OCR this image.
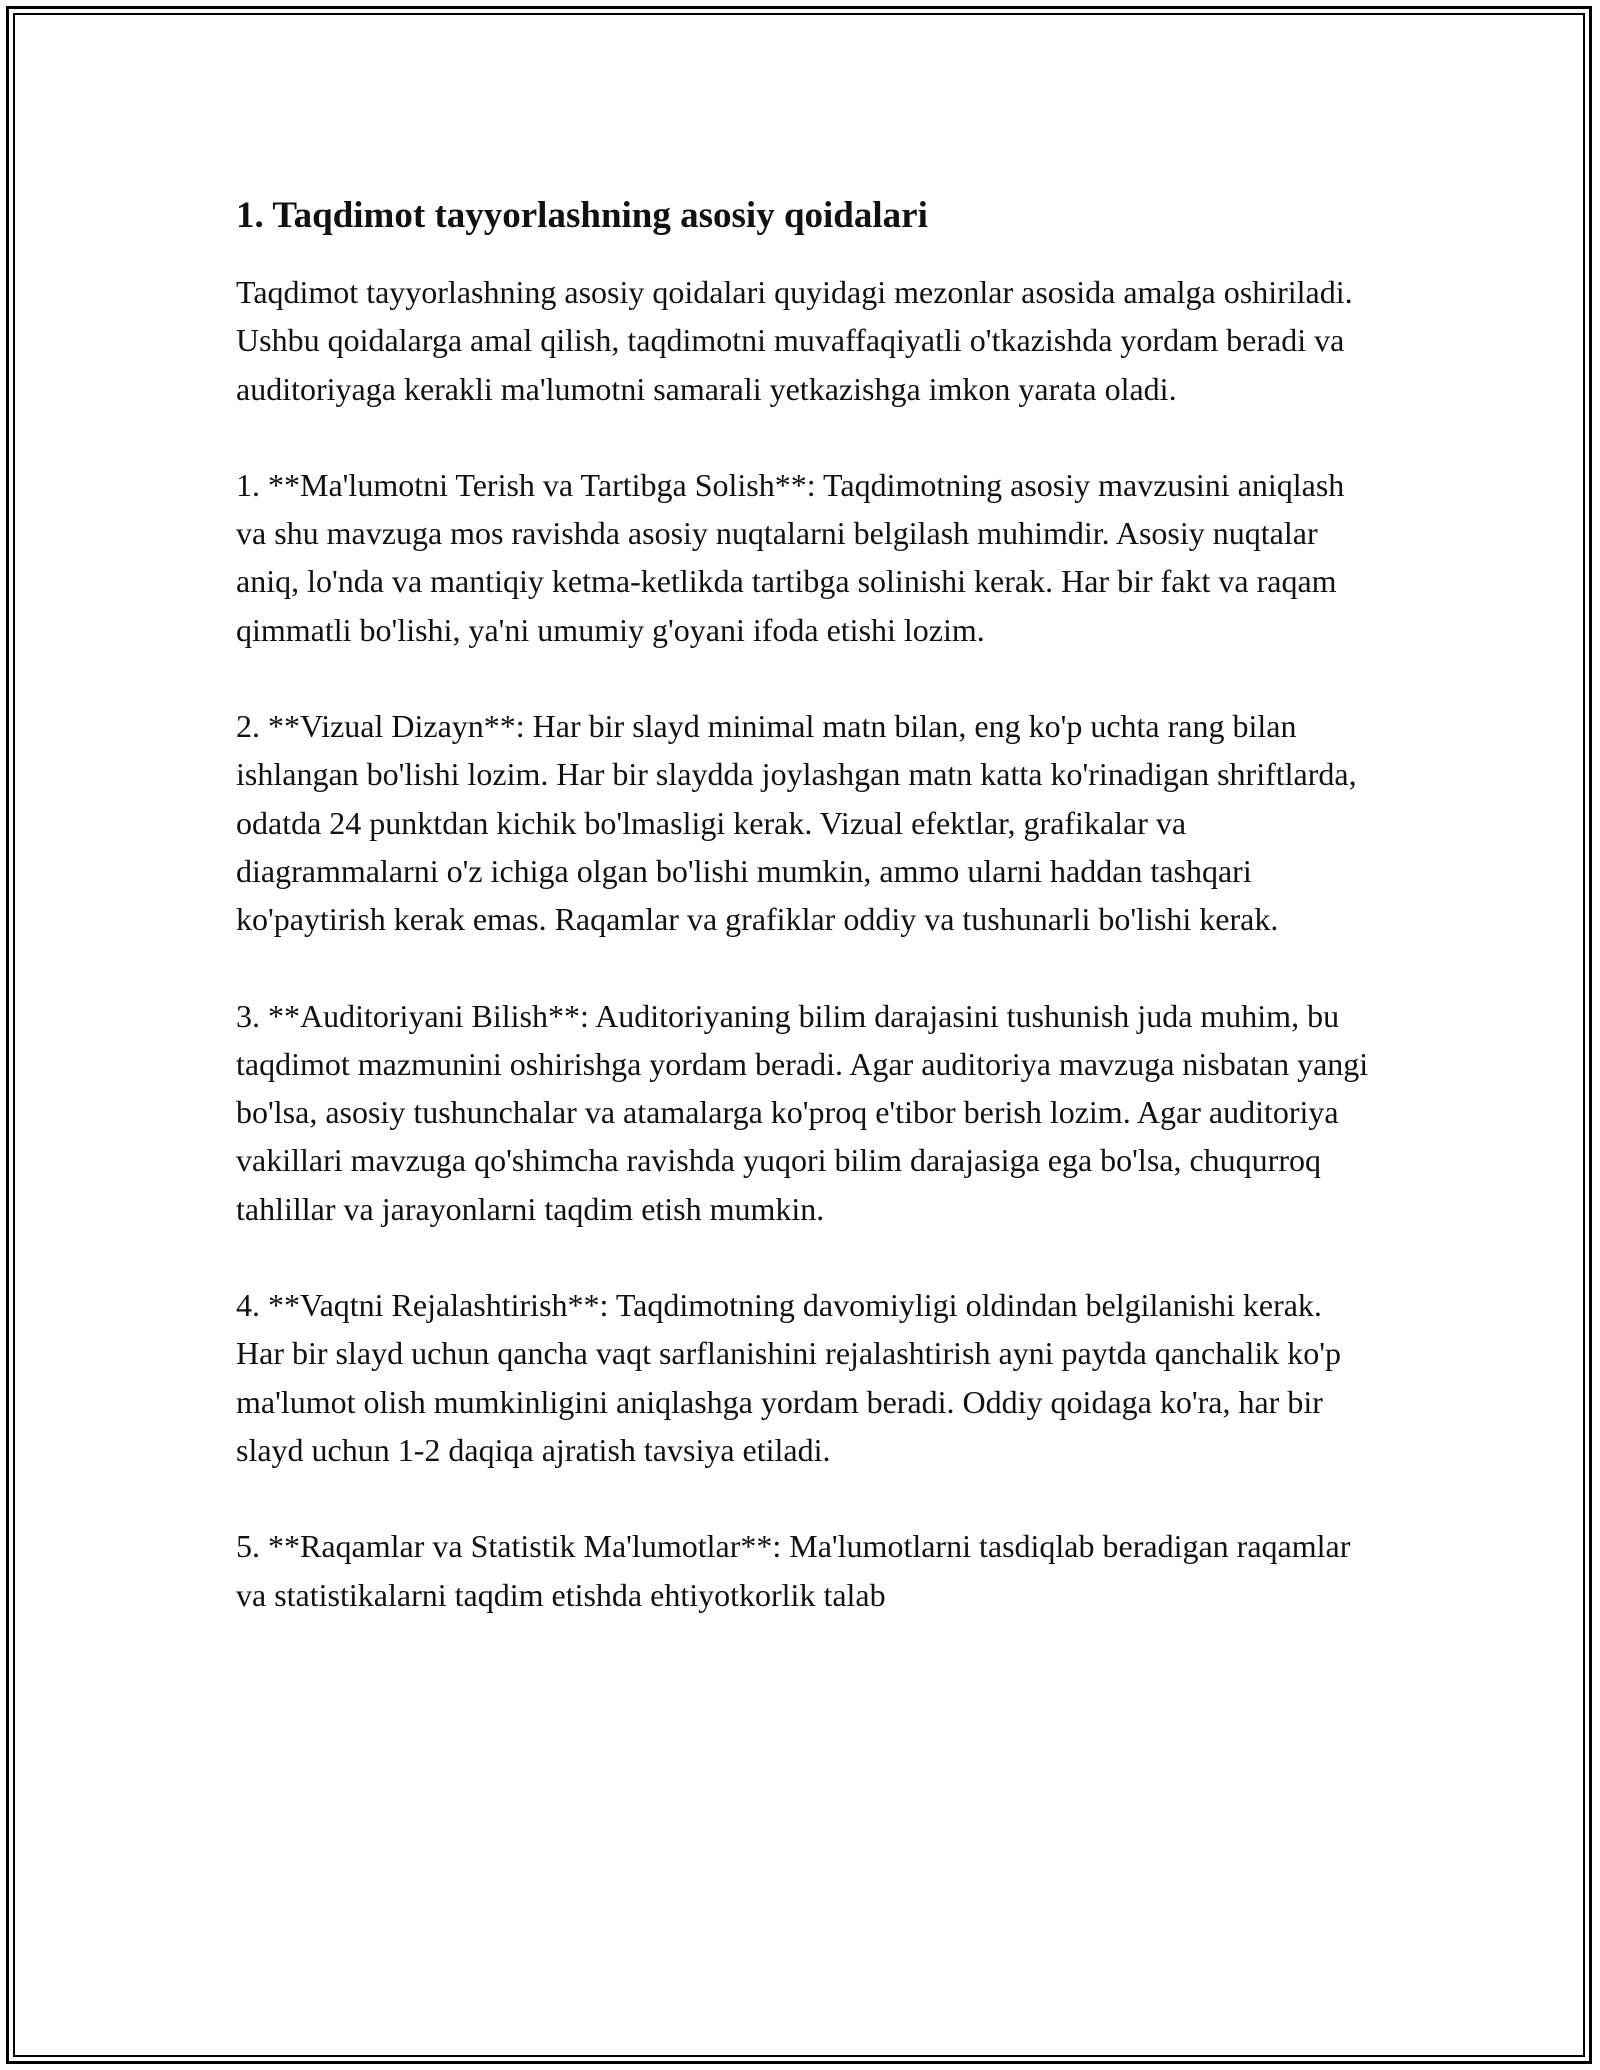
1. Taqdimot tayyorlashning asosiy qoidalari

Taqdimot tayyorlashning asosiy qoidalari quyidagi mezonlar asosida amalga oshiriladi. Ushbu qoidalarga amal qilish, taqdimotni muvaffaqiyatli o'tkazishda yordam beradi va auditoriyaga kerakli ma'lumotni samarali yetkazishga imkon yarata oladi.

1. **Ma'lumotni Terish va Tartibga Solish**: Taqdimotning asosiy mavzusini aniqlash va shu mavzuga mos ravishda asosiy nuqtalarni belgilash muhimdir. Asosiy nuqtalar aniq, lo'nda va mantiqiy ketma-ketlikda tartibga solinishi kerak. Har bir fakt va raqam qimmatli bo'lishi, ya'ni umumiy g'oyani ifoda etishi lozim.

2. **Vizual Dizayn**: Har bir slayd minimal matn bilan, eng ko'p uchta rang bilan ishlangan bo'lishi lozim. Har bir slaydda joylashgan matn katta ko'rinadigan shriftlarda, odatda 24 punktdan kichik bo'lmasligi kerak. Vizual efektlar, grafikalar va diagrammalarni o'z ichiga olgan bo'lishi mumkin, ammo ularni haddan tashqari ko'paytirish kerak emas. Raqamlar va grafiklar oddiy va tushunarli bo'lishi kerak.

3. **Auditoriyani Bilish**: Auditoriyaning bilim darajasini tushunish juda muhim, bu taqdimot mazmunini oshirishga yordam beradi. Agar auditoriya mavzuga nisbatan yangi bo'lsa, asosiy tushunchalar va atamalarga ko'proq e'tibor berish lozim. Agar auditoriya vakillari mavzuga qo'shimcha ravishda yuqori bilim darajasiga ega bo'lsa, chuqurroq tahlillar va jarayonlarni taqdim etish mumkin.

4. **Vaqtni Rejalashtirish**: Taqdimotning davomiyligi oldindan belgilanishi kerak. Har bir slayd uchun qancha vaqt sarflanishini rejalashtirish ayni paytda qanchalik ko'p ma'lumot olish mumkinligini aniqlashga yordam beradi. Oddiy qoidaga ko'ra, har bir slayd uchun 1-2 daqiqa ajratish tavsiya etiladi.

5. **Raqamlar va Statistik Ma'lumotlar**: Ma'lumotlarni tasdiqlab beradigan raqamlar va statistikalarni taqdim etishda ehtiyotkorlik talab
